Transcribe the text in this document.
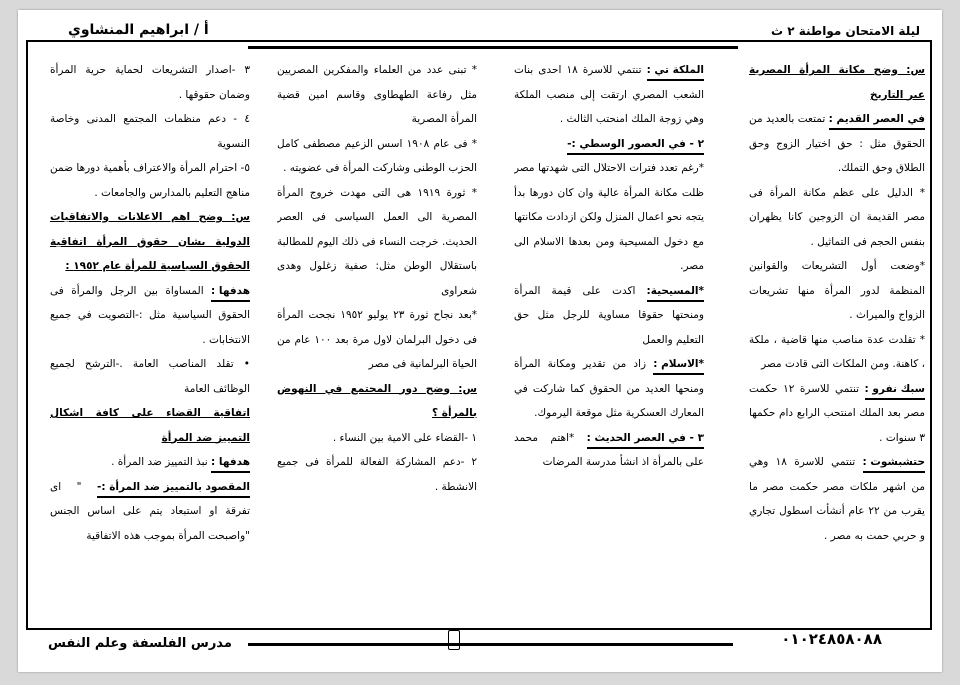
ليلة الامتحان مواطنة ٢ ث
أ / ابراهيم المنشاوي

س: وضح مكانة المرأة المصرية عبر التاريخ

في العصر القديم : تمتعت بالعديد من الحقوق مثل : حق اختيار الزوج وحق الطلاق وحق التملك.

* الدليل على عظم مكانة المرأة فى مصر القديمة ان الزوجين كانا يظهران بنفس الحجم فى التماثيل .

*وضعت أول التشريعات والقوانين المنظمة لدور المرأة منها تشريعات الزواج والميراث .

* تقلدت عدة مناصب منها قاضية ، ملكة ، كاهنة. ومن الملكات التى قادت مصر

سبك نفرو : تنتمي للاسرة ١٢ حكمت مصر بعد الملك امنتحب الرابع دام حكمها ٣ سنوات .

حتشبشوت : تنتمي للاسرة ١٨ وهي من اشهر ملكات مصر حكمت مصر ما يقرب من ٢٢ عام أنشأت اسطول تجاري و حربي حمت به مصر .

الملكة تي : تنتمي للاسرة ١٨ احدى بنات الشعب المصري ارتقت إلى منصب الملكة وهي زوجة الملك امنحتب الثالث .

٢ - في العصور الوسطي :-

*رغم تعدد فترات الاحتلال التى شهدتها مصر ظلت مكانة المرأة عالية وان كان دورها بدأ يتجه نحو اعمال المنزل ولكن ازدادت مكانتها مع دخول المسيحية ومن بعدها الاسلام الى مصر.

*المسيحية: اكدت على قيمة المرأة ومنحتها حقوقا مساوية للرجل مثل حق التعليم والعمل

*الاسلام : زاد من تقدير ومكانة المرأة ومنحها العديد من الحقوق كما شاركت في المعارك العسكرية مثل موقعة اليرموك.

٣ - في العصر الحديث : *اهتم محمد على بالمرأة اذ انشأ مدرسة المرضات

* تبنى عدد من العلماء والمفكرين المصريين مثل رفاعة الطهطاوى وقاسم امين قضية المرأة المصرية

* فى عام ١٩٠٨ اسس الزعيم مصطفى كامل الحزب الوطنى وشاركت المرأة فى عضويته .

* ثورة ١٩١٩ هى التى مهدت خروج المرأة المصرية الى العمل السياسى فى العصر الحديث. خرجت النساء فى ذلك اليوم للمطالبة باستقلال الوطن مثل: صفية زغلول وهدى شعراوى

*بعد نجاح ثورة ٢٣ يوليو ١٩٥٢ نجحت المرأة فى دخول البرلمان لاول مرة بعد ١٠٠ عام من الحياة البرلمانية فى مصر

س: وضح دور المجتمع في النهوض بالمرأة ؟

١ -القضاء على الامية بين النساء .

٢ -دعم المشاركة الفعالة للمرأة فى جميع الانشطة .

٣ -اصدار التشريعات لحماية حرية المرأة وضمان حقوقها .

٤ - دعم منظمات المجتمع المدنى وخاصة النسوية

٥- احترام المرأة والاعتراف بأهمية دورها ضمن مناهج التعليم بالمدارس والجامعات .

س: وضح اهم الاعلانات والاتفاقيات الدولية بشان حقوق المرأة اتفاقية الحقوق السياسية للمرأة عام ١٩٥٢ :

هدفها : المساواة بين الرجل والمرأة فى الحقوق السياسية مثل :-التصويت في جميع الانتخابات .

• تقلد المناصب العامة .-الترشح لجميع الوظائف العامة

اتفاقية القضاء على كافة اشكال التمييز ضد المرأة

هدفها : نبذ التمييز ضد المرأة .

المقصود بالتمييز ضد المرأة :- " اى تفرقة او استبعاد يتم على اساس الجنس "واصبحت المرأة بموجب هذه الاتفاقية

مدرس الفلسفة وعلم النفس	٠١٠٢٤٨٥٨٠٨٨
